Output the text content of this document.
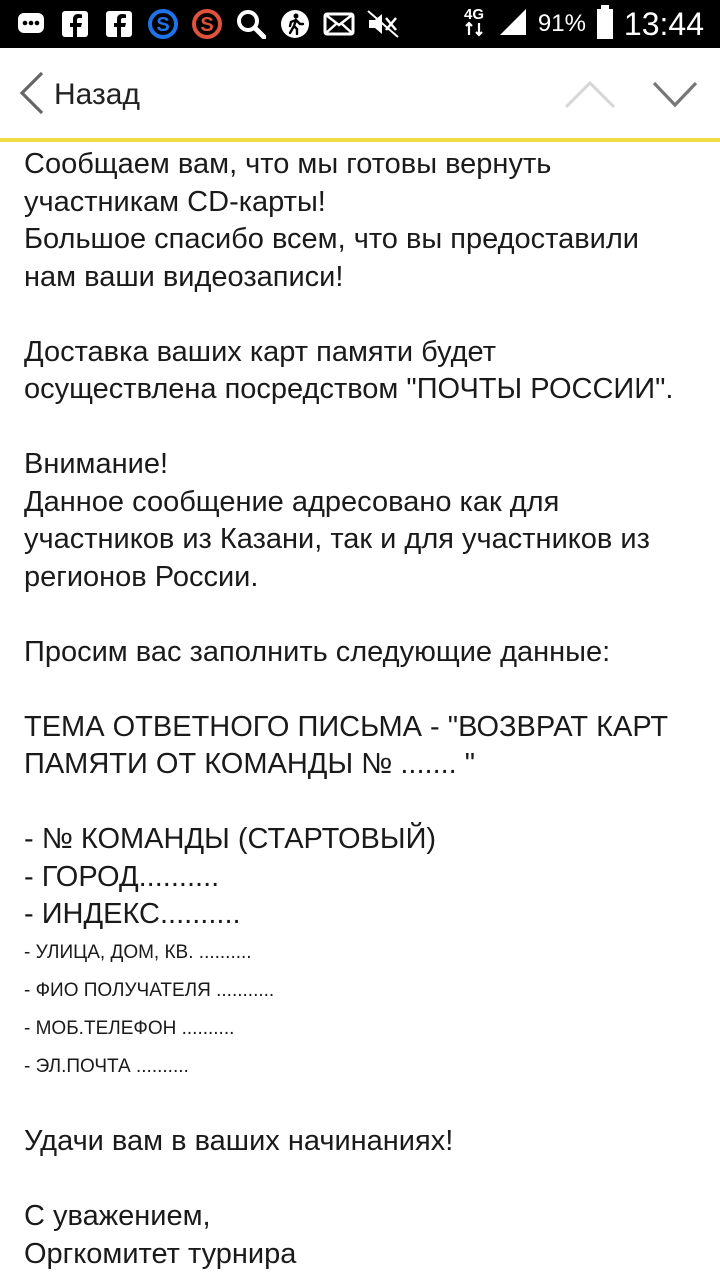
S S	4G 91% 13:44
Назад

Сообщаем вам, что мы готовы вернуть

участникам CD-карты!

Большое спасибо всем, что вы предоставили

нам ваши видеозаписи!

Доставка ваших карт памяти будет

осуществлена посредством "ПОЧТЫ РОССИИ".

Внимание!

Данное сообщение адресовано как для

участников из Казани, так и для участников из

регионов России.

Просим вас заполнить следующие данные:

ТЕМА ОТВЕТНОГО ПИСЬМА - "ВОЗВРАТ КАРТ

ПАМЯТИ ОТ КОМАНДЫ № ....... "

- № КОМАНДЫ (СТАРТОВЫЙ)

- ГОРОД..........

- ИНДЕКС..........

- УЛИЦА, ДОМ, КВ. ..........

- ФИО ПОЛУЧАТЕЛЯ ...........

- МОБ.ТЕЛЕФОН ..........

- ЭЛ.ПОЧТА ..........

Удачи вам в ваших начинаниях!

С уважением,

Оргкомитет турнира
